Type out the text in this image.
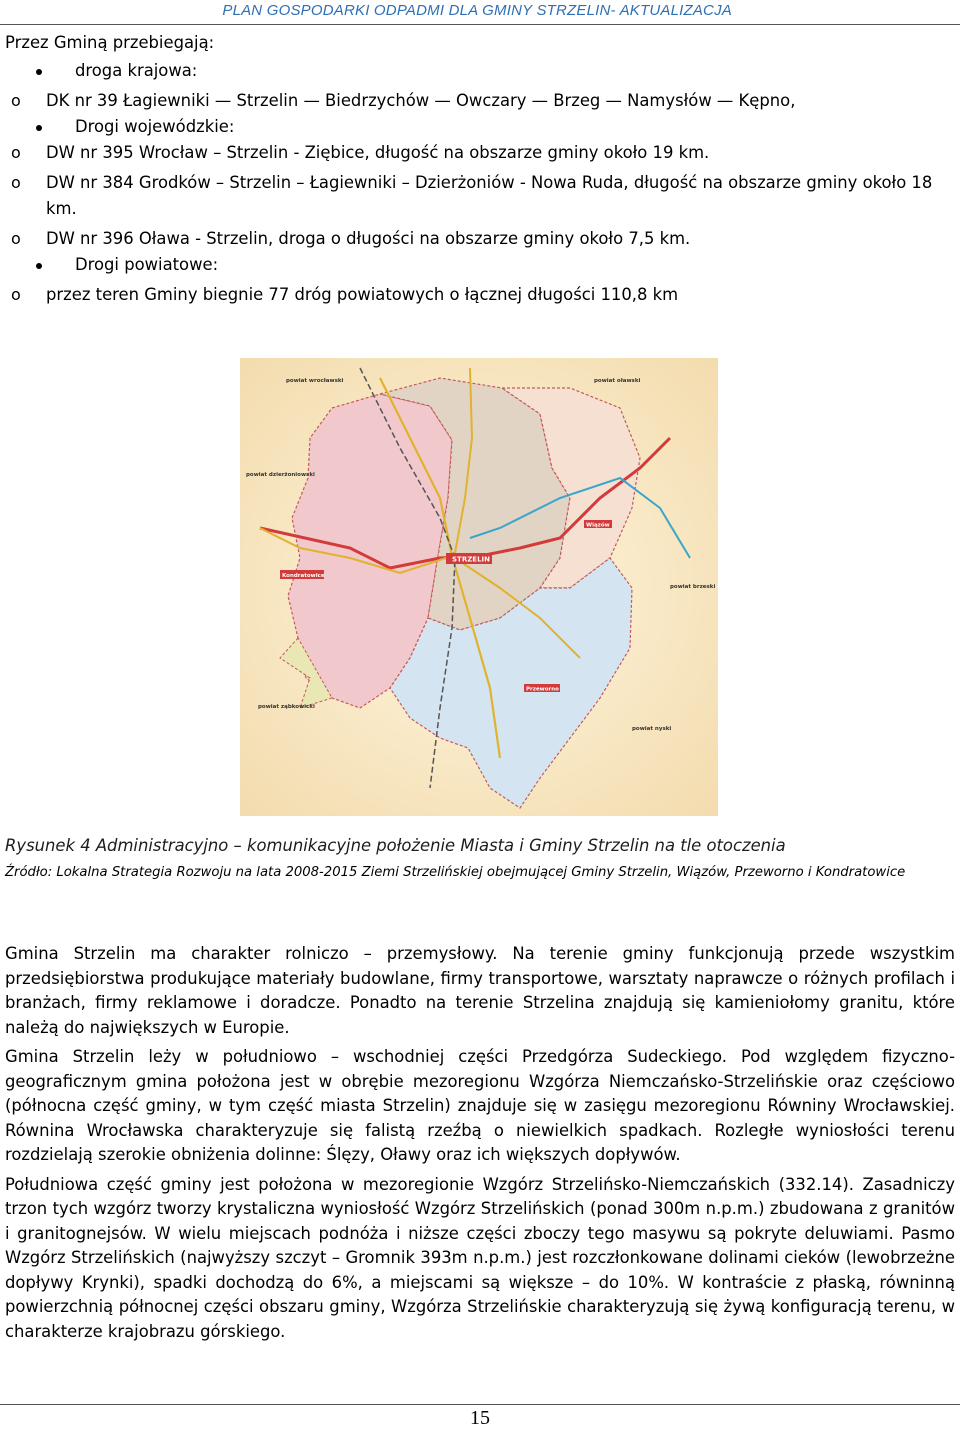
PLAN GOSPODARKI ODPADMI DLA GMINY STRZELIN- AKTUALIZACJA

Przez Gminą przebiegają:

droga krajowa:
o DK nr 39 Łagiewniki — Strzelin — Biedrzychów — Owczary — Brzeg — Namysłów — Kępno,
Drogi wojewódzkie:
o DW nr 395 Wrocław – Strzelin - Ziębice, długość na obszarze gminy około 19 km.
o DW nr 384 Grodków – Strzelin – Łagiewniki – Dzierżoniów - Nowa Ruda, długość na obszarze gminy około 18 km.
o DW nr 396 Oława - Strzelin, droga o długości na obszarze gminy około 7,5 km.
Drogi powiatowe:
o przez teren Gminy biegnie 77 dróg powiatowych o łącznej długości 110,8 km
STRZELIN
Kondratowice
Wiązów
Przeworno
powiat wrocławski	powiat oławski
powiat dzierżoniowski
powiat brzeski
powiat ząbkowicki
powiat nyski
Rysunek 4 Administracyjno – komunikacyjne położenie Miasta i Gminy Strzelin na tle otoczenia
Źródło: Lokalna Strategia Rozwoju na lata 2008-2015 Ziemi Strzelińskiej obejmującej Gminy Strzelin, Wiązów, Przeworno i Kondratowice

Gmina Strzelin ma charakter rolniczo – przemysłowy. Na terenie gminy funkcjonują przede wszystkim przedsiębiorstwa produkujące materiały budowlane, firmy transportowe, warsztaty naprawcze o różnych profilach i branżach, firmy reklamowe i doradcze. Ponadto na terenie Strzelina znajdują się kamieniołomy granitu, które należą do największych w Europie.

Gmina Strzelin leży w południowo – wschodniej części Przedgórza Sudeckiego. Pod względem fizyczno-geograficznym gmina położona jest w obrębie mezoregionu Wzgórza Niemczańsko-Strzelińskie oraz częściowo (północna część gminy, w tym część miasta Strzelin) znajduje się w zasięgu mezoregionu Równiny Wrocławskiej. Równina Wrocławska charakteryzuje się falistą rzeźbą o niewielkich spadkach. Rozległe wyniosłości terenu rozdzielają szerokie obniżenia dolinne: Ślęzy, Oławy oraz ich większych dopływów.

Południowa część gminy jest położona w mezoregionie Wzgórz Strzelińsko-Niemczańskich (332.14). Zasadniczy trzon tych wzgórz tworzy krystaliczna wyniosłość Wzgórz Strzelińskich (ponad 300m n.p.m.) zbudowana z granitów i granitognejsów. W wielu miejscach podnóża i niższe części zboczy tego masywu są pokryte deluwiami. Pasmo Wzgórz Strzelińskich (najwyższy szczyt – Gromnik 393m n.p.m.) jest rozczłonkowane dolinami cieków (lewobrzeżne dopływy Krynki), spadki dochodzą do 6%, a miejscami są większe – do 10%. W kontraście z płaską, równinną powierzchnią północnej części obszaru gminy, Wzgórza Strzelińskie charakteryzują się żywą konfiguracją terenu, w charakterze krajobrazu górskiego.

15
